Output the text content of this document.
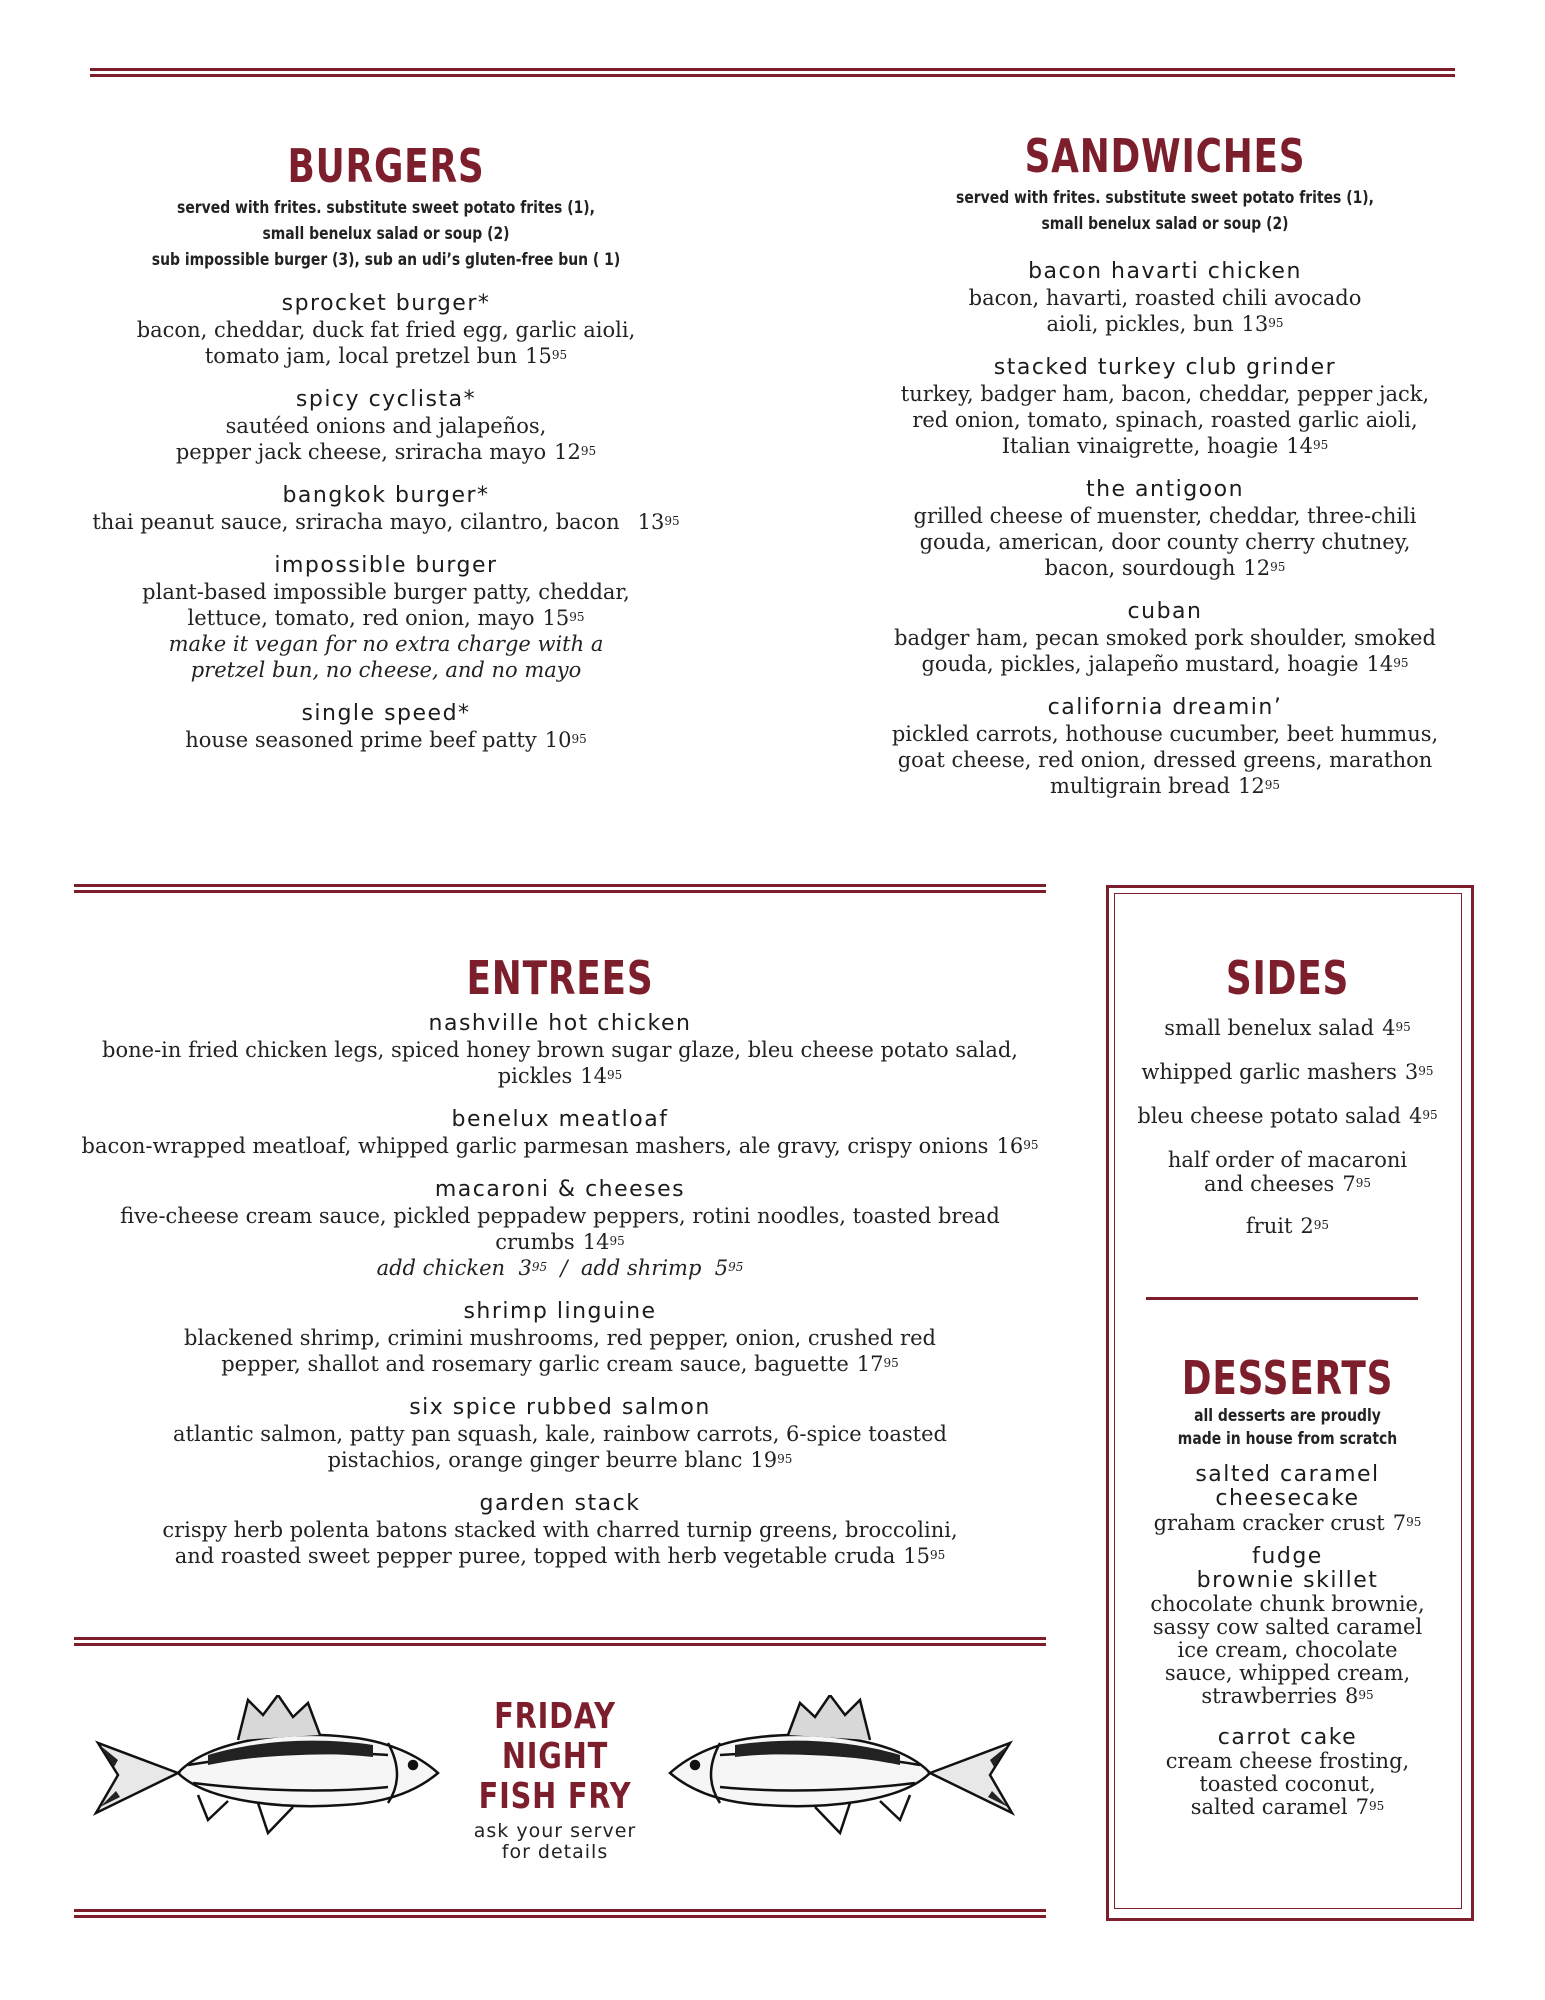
BURGERS
served with frites. substitute sweet potato frites (1),
small benelux salad or soup (2)
sub impossible burger (3), sub an udi’s gluten-free bun ( 1)
sprocket burger*
bacon, cheddar, duck fat fried egg, garlic aioli,
tomato jam, local pretzel bun $15^{95}$
spicy cyclista*
sautéed onions and jalapeños,
pepper jack cheese, sriracha mayo $12^{95}$
bangkok burger*
thai peanut sauce, sriracha mayo, cilantro, bacon $13^{95}$
impossible burger
plant-based impossible burger patty, cheddar,
lettuce, tomato, red onion, mayo $15^{95}$
make it vegan for no extra charge with a
pretzel bun, no cheese, and no mayo
single speed*
house seasoned prime beef patty $10^{95}$
SANDWICHES
served with frites. substitute sweet potato frites (1),
small benelux salad or soup (2)
bacon havarti chicken
bacon, havarti, roasted chili avocado
aioli, pickles, bun $13^{95}$
stacked turkey club grinder
turkey, badger ham, bacon, cheddar, pepper jack,
red onion, tomato, spinach, roasted garlic aioli,
Italian vinaigrette, hoagie $14^{95}$
the antigoon
grilled cheese of muenster, cheddar, three-chili
gouda, american, door county cherry chutney,
bacon, sourdough $12^{95}$
cuban
badger ham, pecan smoked pork shoulder, smoked
gouda, pickles, jalapeño mustard, hoagie $14^{95}$
california dreamin’
pickled carrots, hothouse cucumber, beet hummus,
goat cheese, red onion, dressed greens, marathon
multigrain bread $12^{95}$
ENTREES
nashville hot chicken
bone-in fried chicken legs, spiced honey brown sugar glaze, bleu cheese potato salad, pickles $14^{95}$
benelux meatloaf
bacon-wrapped meatloaf, whipped garlic parmesan mashers, ale gravy, crispy onions $16^{95}$
macaroni & cheeses
five-cheese cream sauce, pickled peppadew peppers, rotini noodles, toasted bread crumbs $14^{95}$
add chicken $3^{95}$ / add shrimp $5^{95}$
shrimp linguine
blackened shrimp, crimini mushrooms, red pepper, onion, crushed red
pepper, shallot and rosemary garlic cream sauce, baguette $17^{95}$
six spice rubbed salmon
atlantic salmon, patty pan squash, kale, rainbow carrots, 6-spice toasted
pistachios, orange ginger beurre blanc $19^{95}$
garden stack
crispy herb polenta batons stacked with charred turnip greens, broccolini,
and roasted sweet pepper puree, topped with herb vegetable cruda $15^{95}$
SIDES
small benelux salad $4^{95}$
whipped garlic mashers $3^{95}$
bleu cheese potato salad $4^{95}$
half order of macaroni
and cheeses $7^{95}$
fruit $2^{95}$
DESSERTS
all desserts are proudly
made in house from scratch
salted caramel
cheesecake
graham cracker crust $7^{95}$
fudge
brownie skillet
chocolate chunk brownie,
sassy cow salted caramel
ice cream, chocolate
sauce, whipped cream,
strawberries $8^{95}$
carrot cake
cream cheese frosting,
toasted coconut,
salted caramel $7^{95}$
FRIDAY NIGHT
FISH FRY
ask your server
for details
